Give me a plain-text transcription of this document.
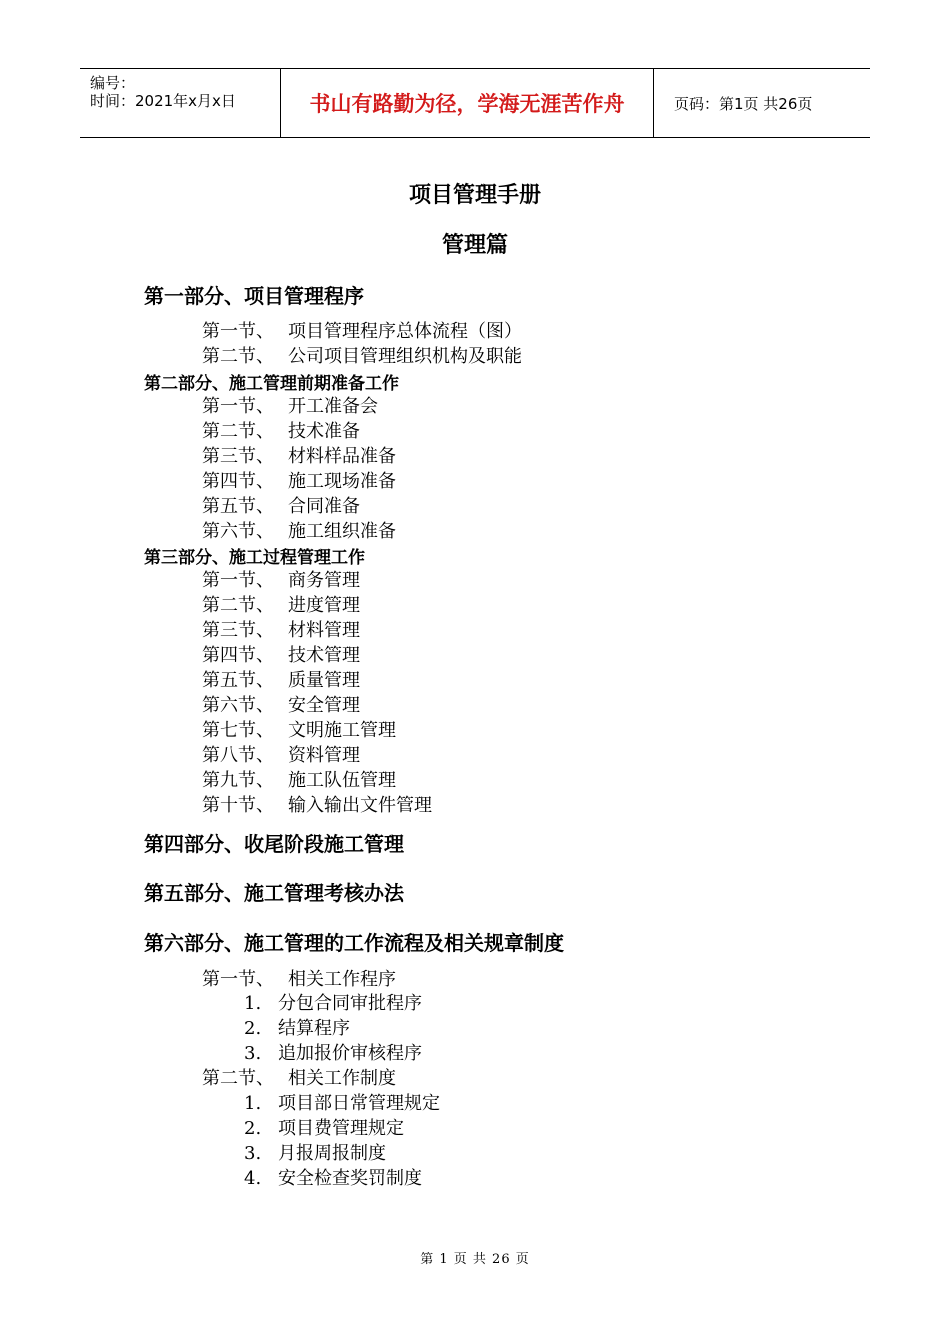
编号：
时间：2021年x月x日	书山有路勤为径，学海无涯苦作舟	页码：第1页 共26页
项目管理手册
管理篇
第一部分、项目管理程序
第一节、 项目管理程序总体流程（图）
第二节、 公司项目管理组织机构及职能
第二部分、施工管理前期准备工作
第一节、 开工准备会
第二节、 技术准备
第三节、 材料样品准备
第四节、 施工现场准备
第五节、 合同准备
第六节、 施工组织准备
第三部分、施工过程管理工作
第一节、 商务管理
第二节、 进度管理
第三节、 材料管理
第四节、 技术管理
第五节、 质量管理
第六节、 安全管理
第七节、 文明施工管理
第八节、 资料管理
第九节、 施工队伍管理
第十节、 输入输出文件管理
第四部分、收尾阶段施工管理
第五部分、施工管理考核办法
第六部分、施工管理的工作流程及相关规章制度
第一节、 相关工作程序
1. 分包合同审批程序
2. 结算程序
3. 追加报价审核程序
第二节、 相关工作制度
1. 项目部日常管理规定
2. 项目费管理规定
3. 月报周报制度
4. 安全检查奖罚制度
第 1 页 共 26 页
